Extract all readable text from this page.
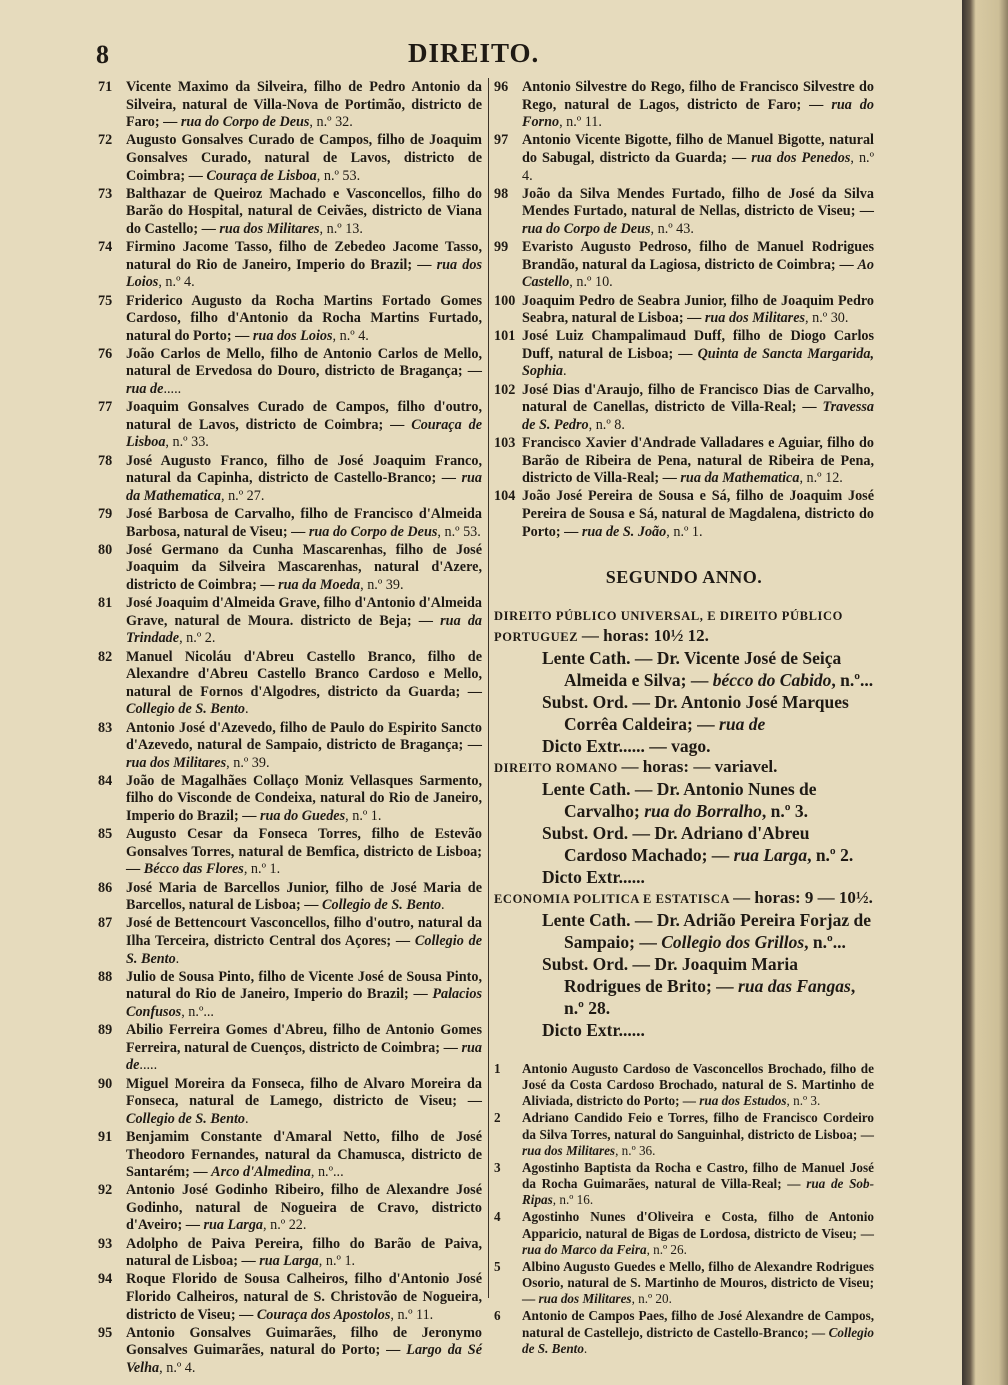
8	DIREITO.
71 Vicente Maximo da Silveira, filho de Pedro Antonio da Silveira, natural de Villa-Nova de Portimão, districto de Faro; — rua do Corpo de Deus, n.º 32.
72 Augusto Gonsalves Curado de Campos, filho de Joaquim Gonsalves Curado, natural de Lavos, districto de Coimbra; — Couraça de Lisboa, n.º 53.
73 Balthazar de Queiroz Machado e Vasconcellos, filho do Barão do Hospital, natural de Ceivães, districto de Viana do Castello; — rua dos Militares, n.º 13.
74 Firmino Jacome Tasso, filho de Zebedeo Jacome Tasso, natural do Rio de Janeiro, Imperio do Brazil; — rua dos Loios, n.º 4.
75 Friderico Augusto da Rocha Martins Fortado Gomes Cardoso, filho d'Antonio da Rocha Martins Furtado, natural do Porto; — rua dos Loios, n.º 4.
76 João Carlos de Mello, filho de Antonio Carlos de Mello, natural de Ervedosa do Douro, districto de Bragança; — rua de.....
77 Joaquim Gonsalves Curado de Campos, filho d'outro, natural de Lavos, districto de Coimbra; — Couraça de Lisboa, n.º 33.
78 José Augusto Franco, filho de José Joaquim Franco, natural da Capinha, districto de Castello-Branco; — rua da Mathematica, n.º 27.
79 José Barbosa de Carvalho, filho de Francisco d'Almeida Barbosa, natural de Viseu; — rua do Corpo de Deus, n.º 53.
80 José Germano da Cunha Mascarenhas, filho de José Joaquim da Silveira Mascarenhas, natural d'Azere, districto de Coimbra; — rua da Moeda, n.º 39.
81 José Joaquim d'Almeida Grave, filho d'Antonio d'Almeida Grave, natural de Moura. districto de Beja; — rua da Trindade, n.º 2.
82 Manuel Nicoláu d'Abreu Castello Branco, filho de Alexandre d'Abreu Castello Branco Cardoso e Mello, natural de Fornos d'Algodres, districto da Guarda; — Collegio de S. Bento.
83 Antonio José d'Azevedo, filho de Paulo do Espirito Sancto d'Azevedo, natural de Sampaio, districto de Bragança; — rua dos Militares, n.º 39.
84 João de Magalhães Collaço Moniz Vellasques Sarmento, filho do Visconde de Condeixa, natural do Rio de Janeiro, Imperio do Brazil; — rua do Guedes, n.º 1.
85 Augusto Cesar da Fonseca Torres, filho de Estevão Gonsalves Torres, natural de Bemfica, districto de Lisboa; — Bécco das Flores, n.º 1.
86 José Maria de Barcellos Junior, filho de José Maria de Barcellos, natural de Lisboa; — Collegio de S. Bento.
87 José de Bettencourt Vasconcellos, filho d'outro, natural da Ilha Terceira, districto Central dos Açores; — Collegio de S. Bento.
88 Julio de Sousa Pinto, filho de Vicente José de Sousa Pinto, natural do Rio de Janeiro, Imperio do Brazil; — Palacios Confusos, n.º...
89 Abilio Ferreira Gomes d'Abreu, filho de Antonio Gomes Ferreira, natural de Cuenços, districto de Coimbra; — rua de.....
90 Miguel Moreira da Fonseca, filho de Alvaro Moreira da Fonseca, natural de Lamego, districto de Viseu; — Collegio de S. Bento.
91 Benjamim Constante d'Amaral Netto, filho de José Theodoro Fernandes, natural da Chamusca, districto de Santarém; — Arco d'Almedina, n.º...
92 Antonio José Godinho Ribeiro, filho de Alexandre José Godinho, natural de Nogueira de Cravo, districto d'Aveiro; — rua Larga, n.º 22.
93 Adolpho de Paiva Pereira, filho do Barão de Paiva, natural de Lisboa; — rua Larga, n.º 1.
94 Roque Florido de Sousa Calheiros, filho d'Antonio José Florido Calheiros, natural de S. Christovão de Nogueira, districto de Viseu; — Couraça dos Apostolos, n.º 11.
95 Antonio Gonsalves Guimarães, filho de Jeronymo Gonsalves Guimarães, natural do Porto; — Largo da Sé Velha, n.º 4.
96 Antonio Silvestre do Rego, filho de Francisco Silvestre do Rego, natural de Lagos, districto de Faro; — rua do Forno, n.º 11.
97 Antonio Vicente Bigotte, filho de Manuel Bigotte, natural do Sabugal, districto da Guarda; — rua dos Penedos, n.º 4.
98 João da Silva Mendes Furtado, filho de José da Silva Mendes Furtado, natural de Nellas, districto de Viseu; — rua do Corpo de Deus, n.º 43.
99 Evaristo Augusto Pedroso, filho de Manuel Rodrigues Brandão, natural da Lagiosa, districto de Coimbra; — Ao Castello, n.º 10.
100 Joaquim Pedro de Seabra Junior, filho de Joaquim Pedro Seabra, natural de Lisboa; — rua dos Militares, n.º 30.
101 José Luiz Champalimaud Duff, filho de Diogo Carlos Duff, natural de Lisboa; — Quinta de Sancta Margarida, Sophia.
102 José Dias d'Araujo, filho de Francisco Dias de Carvalho, natural de Canellas, districto de Villa-Real; — Travessa de S. Pedro, n.º 8.
103 Francisco Xavier d'Andrade Valladares e Aguiar, filho do Barão de Ribeira de Pena, natural de Ribeira de Pena, districto de Villa-Real; — rua da Mathematica, n.º 12.
104 João José Pereira de Sousa e Sá, filho de Joaquim José Pereira de Sousa e Sá, natural de Magdalena, districto do Porto; — rua de S. João, n.º 1.
SEGUNDO ANNO.
DIREITO PÚBLICO UNIVERSAL, E DIREITO PÚBLICO PORTUGUEZ — horas: 10½ 12.
Lente Cath. — Dr. Vicente José de Seiça Almeida e Silva; — bécco do Cabido, n.º...
Subst. Ord. — Dr. Antonio José Marques Corrêa Caldeira; — rua de
Dicto Extr...... — vago.
DIREITO ROMANO — horas: — variavel.
Lente Cath. — Dr. Antonio Nunes de Carvalho; rua do Borralho, n.º 3.
Subst. Ord. — Dr. Adriano d'Abreu Cardoso Machado; — rua Larga, n.º 2.
Dicto Extr......
ECONOMIA POLITICA E ESTATISCA — horas: 9 — 10½.
Lente Cath. — Dr. Adrião Pereira Forjaz de Sampaio; — Collegio dos Grillos, n.º...
Subst. Ord. — Dr. Joaquim Maria Rodrigues de Brito; — rua das Fangas, n.º 28.
Dicto Extr......
1 Antonio Augusto Cardoso de Vasconcellos Brochado, filho de José da Costa Cardoso Brochado, natural de S. Martinho de Aliviada, districto do Porto; — rua dos Estudos, n.º 3.
2 Adriano Candido Feio e Torres, filho de Francisco Cordeiro da Silva Torres, natural do Sanguinhal, districto de Lisboa; — rua dos Militares, n.º 36.
3 Agostinho Baptista da Rocha e Castro, filho de Manuel José da Rocha Guimarães, natural de Villa-Real; — rua de Sob-Ripas, n.º 16.
4 Agostinho Nunes d'Oliveira e Costa, filho de Antonio Apparicio, natural de Bigas de Lordosa, districto de Viseu; — rua do Marco da Feira, n.º 26.
5 Albino Augusto Guedes e Mello, filho de Alexandre Rodrigues Osorio, natural de S. Martinho de Mouros, districto de Viseu; — rua dos Militares, n.º 20.
6 Antonio de Campos Paes, filho de José Alexandre de Campos, natural de Castellejo, districto de Castello-Branco; — Collegio de S. Bento.
